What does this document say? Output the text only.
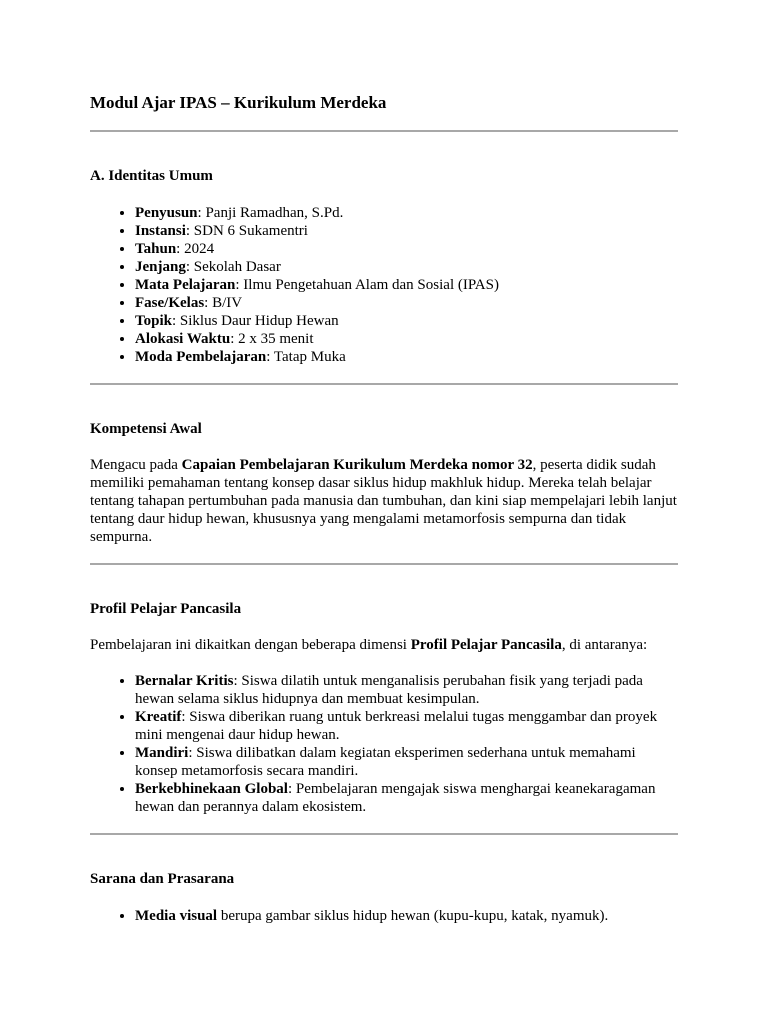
Modul Ajar IPAS – Kurikulum Merdeka
A. Identitas Umum
• Penyusun: Panji Ramadhan, S.Pd.
• Instansi: SDN 6 Sukamentri
• Tahun: 2024
• Jenjang: Sekolah Dasar
• Mata Pelajaran: Ilmu Pengetahuan Alam dan Sosial (IPAS)
• Fase/Kelas: B/IV
• Topik: Siklus Daur Hidup Hewan
• Alokasi Waktu: 2 x 35 menit
• Moda Pembelajaran: Tatap Muka
Kompetensi Awal

Mengacu pada Capaian Pembelajaran Kurikulum Merdeka nomor 32, peserta didik sudah memiliki pemahaman tentang konsep dasar siklus hidup makhluk hidup. Mereka telah belajar tentang tahapan pertumbuhan pada manusia dan tumbuhan, dan kini siap mempelajari lebih lanjut tentang daur hidup hewan, khususnya yang mengalami metamorfosis sempurna dan tidak sempurna.

Profil Pelajar Pancasila

Pembelajaran ini dikaitkan dengan beberapa dimensi Profil Pelajar Pancasila, di antaranya:

• Bernalar Kritis: Siswa dilatih untuk menganalisis perubahan fisik yang terjadi pada hewan selama siklus hidupnya dan membuat kesimpulan.
• Kreatif: Siswa diberikan ruang untuk berkreasi melalui tugas menggambar dan proyek mini mengenai daur hidup hewan.
• Mandiri: Siswa dilibatkan dalam kegiatan eksperimen sederhana untuk memahami konsep metamorfosis secara mandiri.
• Berkebhinekaan Global: Pembelajaran mengajak siswa menghargai keanekaragaman hewan dan perannya dalam ekosistem.
Sarana dan Prasarana
• Media visual berupa gambar siklus hidup hewan (kupu-kupu, katak, nyamuk).
